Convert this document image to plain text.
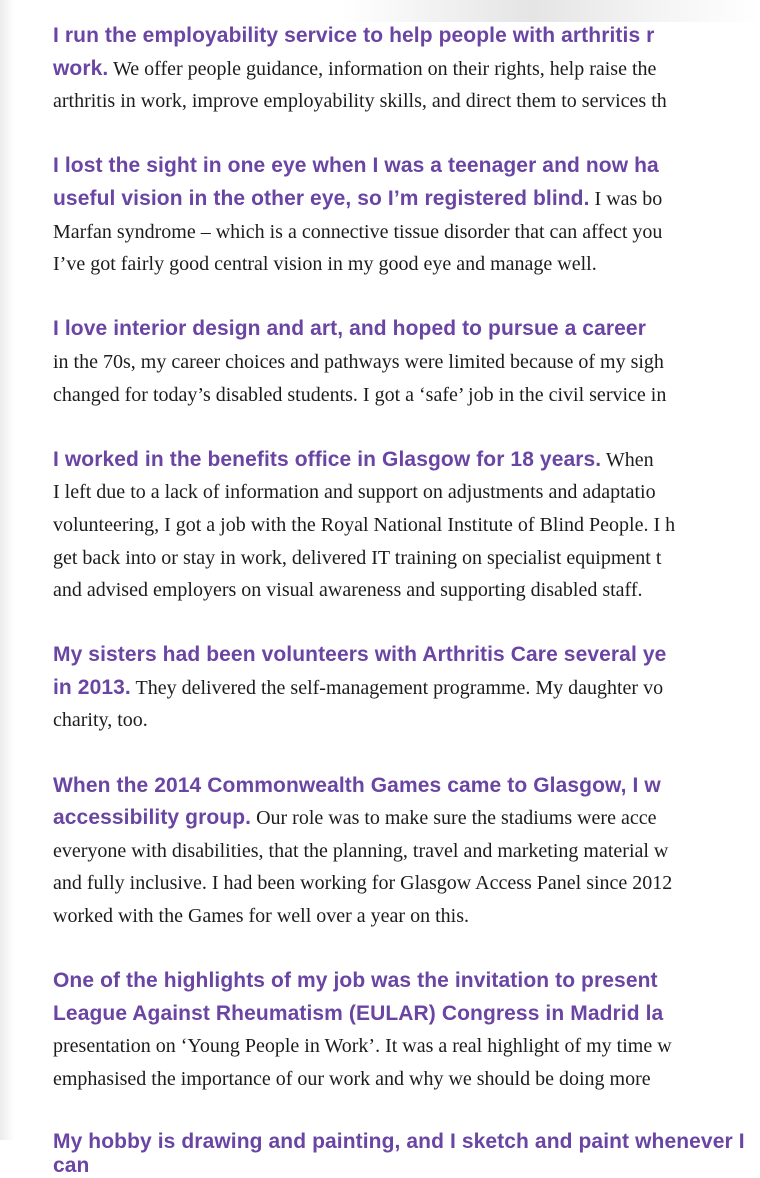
I run the employability service to help people with arthritis r
work. We offer people guidance, information on their rights, help raise the
arthritis in work, improve employability skills, and direct them to services th
I lost the sight in one eye when I was a teenager and now ha
useful vision in the other eye, so I’m registered blind. I was bo
Marfan syndrome – which is a connective tissue disorder that can affect you
I’ve got fairly good central vision in my good eye and manage well.
I love interior design and art, and hoped to pursue a career
in the 70s, my career choices and pathways were limited because of my sigh
changed for today’s disabled students. I got a ‘safe’ job in the civil service in
I worked in the benefits office in Glasgow for 18 years. When
I left due to a lack of information and support on adjustments and adaptatio
volunteering, I got a job with the Royal National Institute of Blind People. I h
get back into or stay in work, delivered IT training on specialist equipment t
and advised employers on visual awareness and supporting disabled staff.
My sisters had been volunteers with Arthritis Care several ye
in 2013. They delivered the self-management programme. My daughter vo
charity, too.
When the 2014 Commonwealth Games came to Glasgow, I w
accessibility group. Our role was to make sure the stadiums were acce
everyone with disabilities, that the planning, travel and marketing material w
and fully inclusive. I had been working for Glasgow Access Panel since 2012
worked with the Games for well over a year on this.
One of the highlights of my job was the invitation to present
League Against Rheumatism (EULAR) Congress in Madrid la
presentation on ‘Young People in Work’. It was a real highlight of my time w
emphasised the importance of our work and why we should be doing more
My hobby is drawing and painting, and I sketch and paint whenever I can
